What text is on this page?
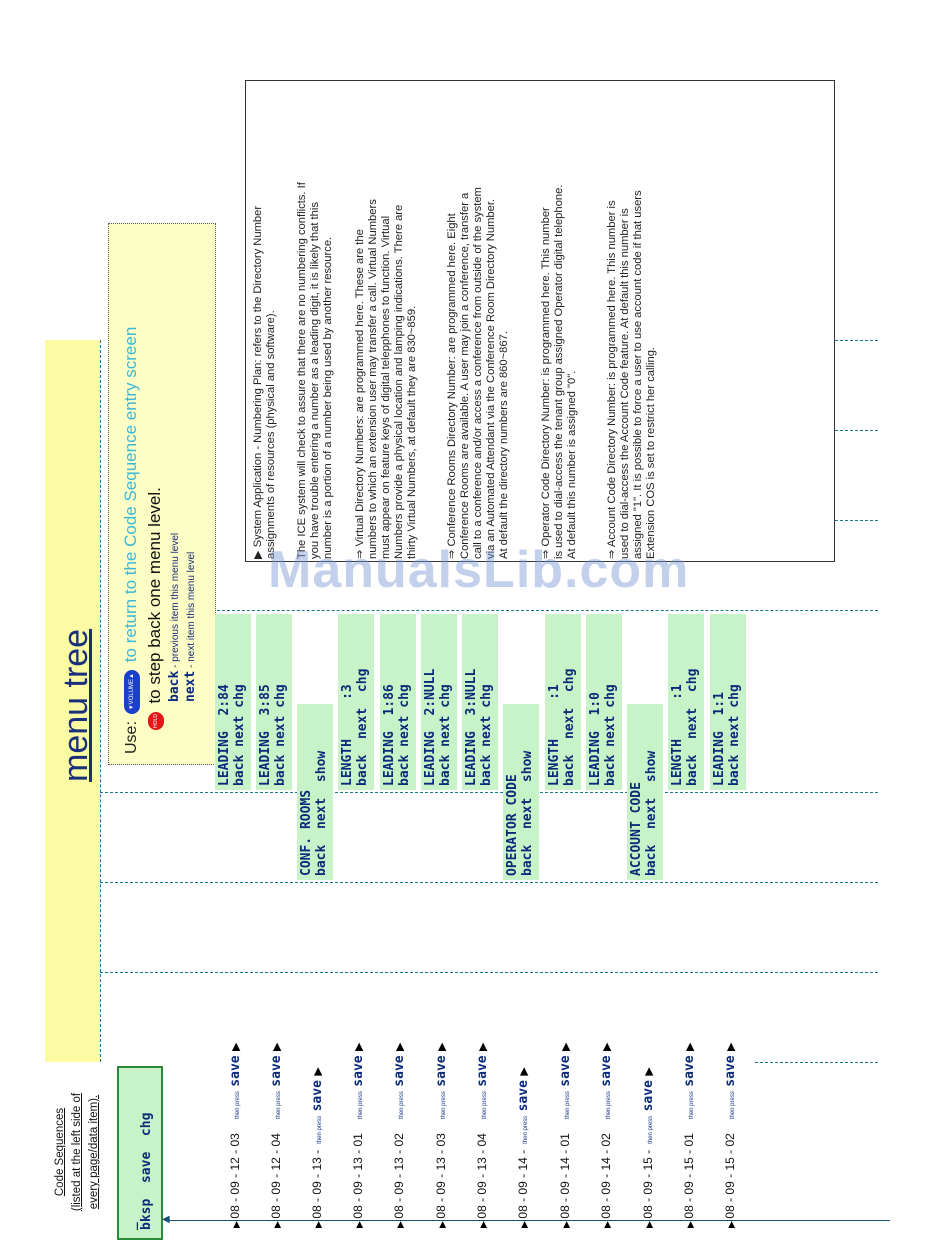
Code Sequences (listed at the left side of every page/data item).
_ bksp  save  chg
menu tree
◀
Use: ▼VOLUME▲ to return to the Code Sequence entry screen
HOLD to step back one menu level. back - previous item this menu level
next - next item this menu level
▶ 08 - 09 - 12 - 03then press save ▶
▶ 08 - 09 - 12 - 04then press save ▶
▶ 08 - 09 - 13 -then press save ▶
▶ 08 - 09 - 13 - 01then press save ▶
▶ 08 - 09 - 13 - 02then press save ▶
▶ 08 - 09 - 13 - 03then press save ▶
▶ 08 - 09 - 13 - 04then press save ▶
▶ 08 - 09 - 14 -then press save ▶
▶ 08 - 09 - 14 - 01then press save ▶
▶ 08 - 09 - 14 - 02then press save ▶
▶ 08 - 09 - 15 -then press save ▶
▶ 08 - 09 - 15 - 01then press save ▶
▶ 08 - 09 - 15 - 02then press save ▶
LEADING  2:84 back next chg LEADING  3:85 back next chg
CONF. ROOMS back  next  show
LENGTH     :3 back  next  chg LEADING  1:86 back next chg LEADING  2:NULL back next chg LEADING  3:NULL back next chg
OPERATOR CODE back  next  show
LENGTH     :1 back  next  chg LEADING  1:0 back next chg
ACCOUNT CODE back  next  show
LENGTH     :1 back  next  chg LEADING  1:1 back next chg
▶ System Application - Numbering Plan: refers to the Directory Number assignments of resources (physical and software). The ICE system will check to assure that there are no numbering conflicts. If you have trouble entering a number as a leading digit, it is likely that this number is a portion of a number being used by another resource. ⇒ Virtual Directory Numbers: are programmed here. These are the numbers to which an extension user may transfer a call. Virtual Numbers must appear on feature keys of digital telepphones to function. Virtual Numbers provide a physical location and lamping indications. There are thirty Virtual Numbers, at default they are 830~859.	⇒ Conference Rooms Directory Number: are programmed here. Eight Conference Rooms are available. A user may join a conference, transfer a call to a conference and/or access a conference from outside of the system via an Automated Attendant via the Conference Room Directory Number. At default the directory numbers are 860~867.	⇒ Operator Code Directory Number: is programmed here. This number is used to dial-access the tenant group assigned Operator digital telephone. At default this number is assigned "0".	⇒ Account Code Directory Number: is programmed here. This number is used to dial-access the Account Code feature. At default this number is assigned "1". It is possible to force a user to use account code if that users Extension COS is set to restrict her calling.
ManualsLib.com
